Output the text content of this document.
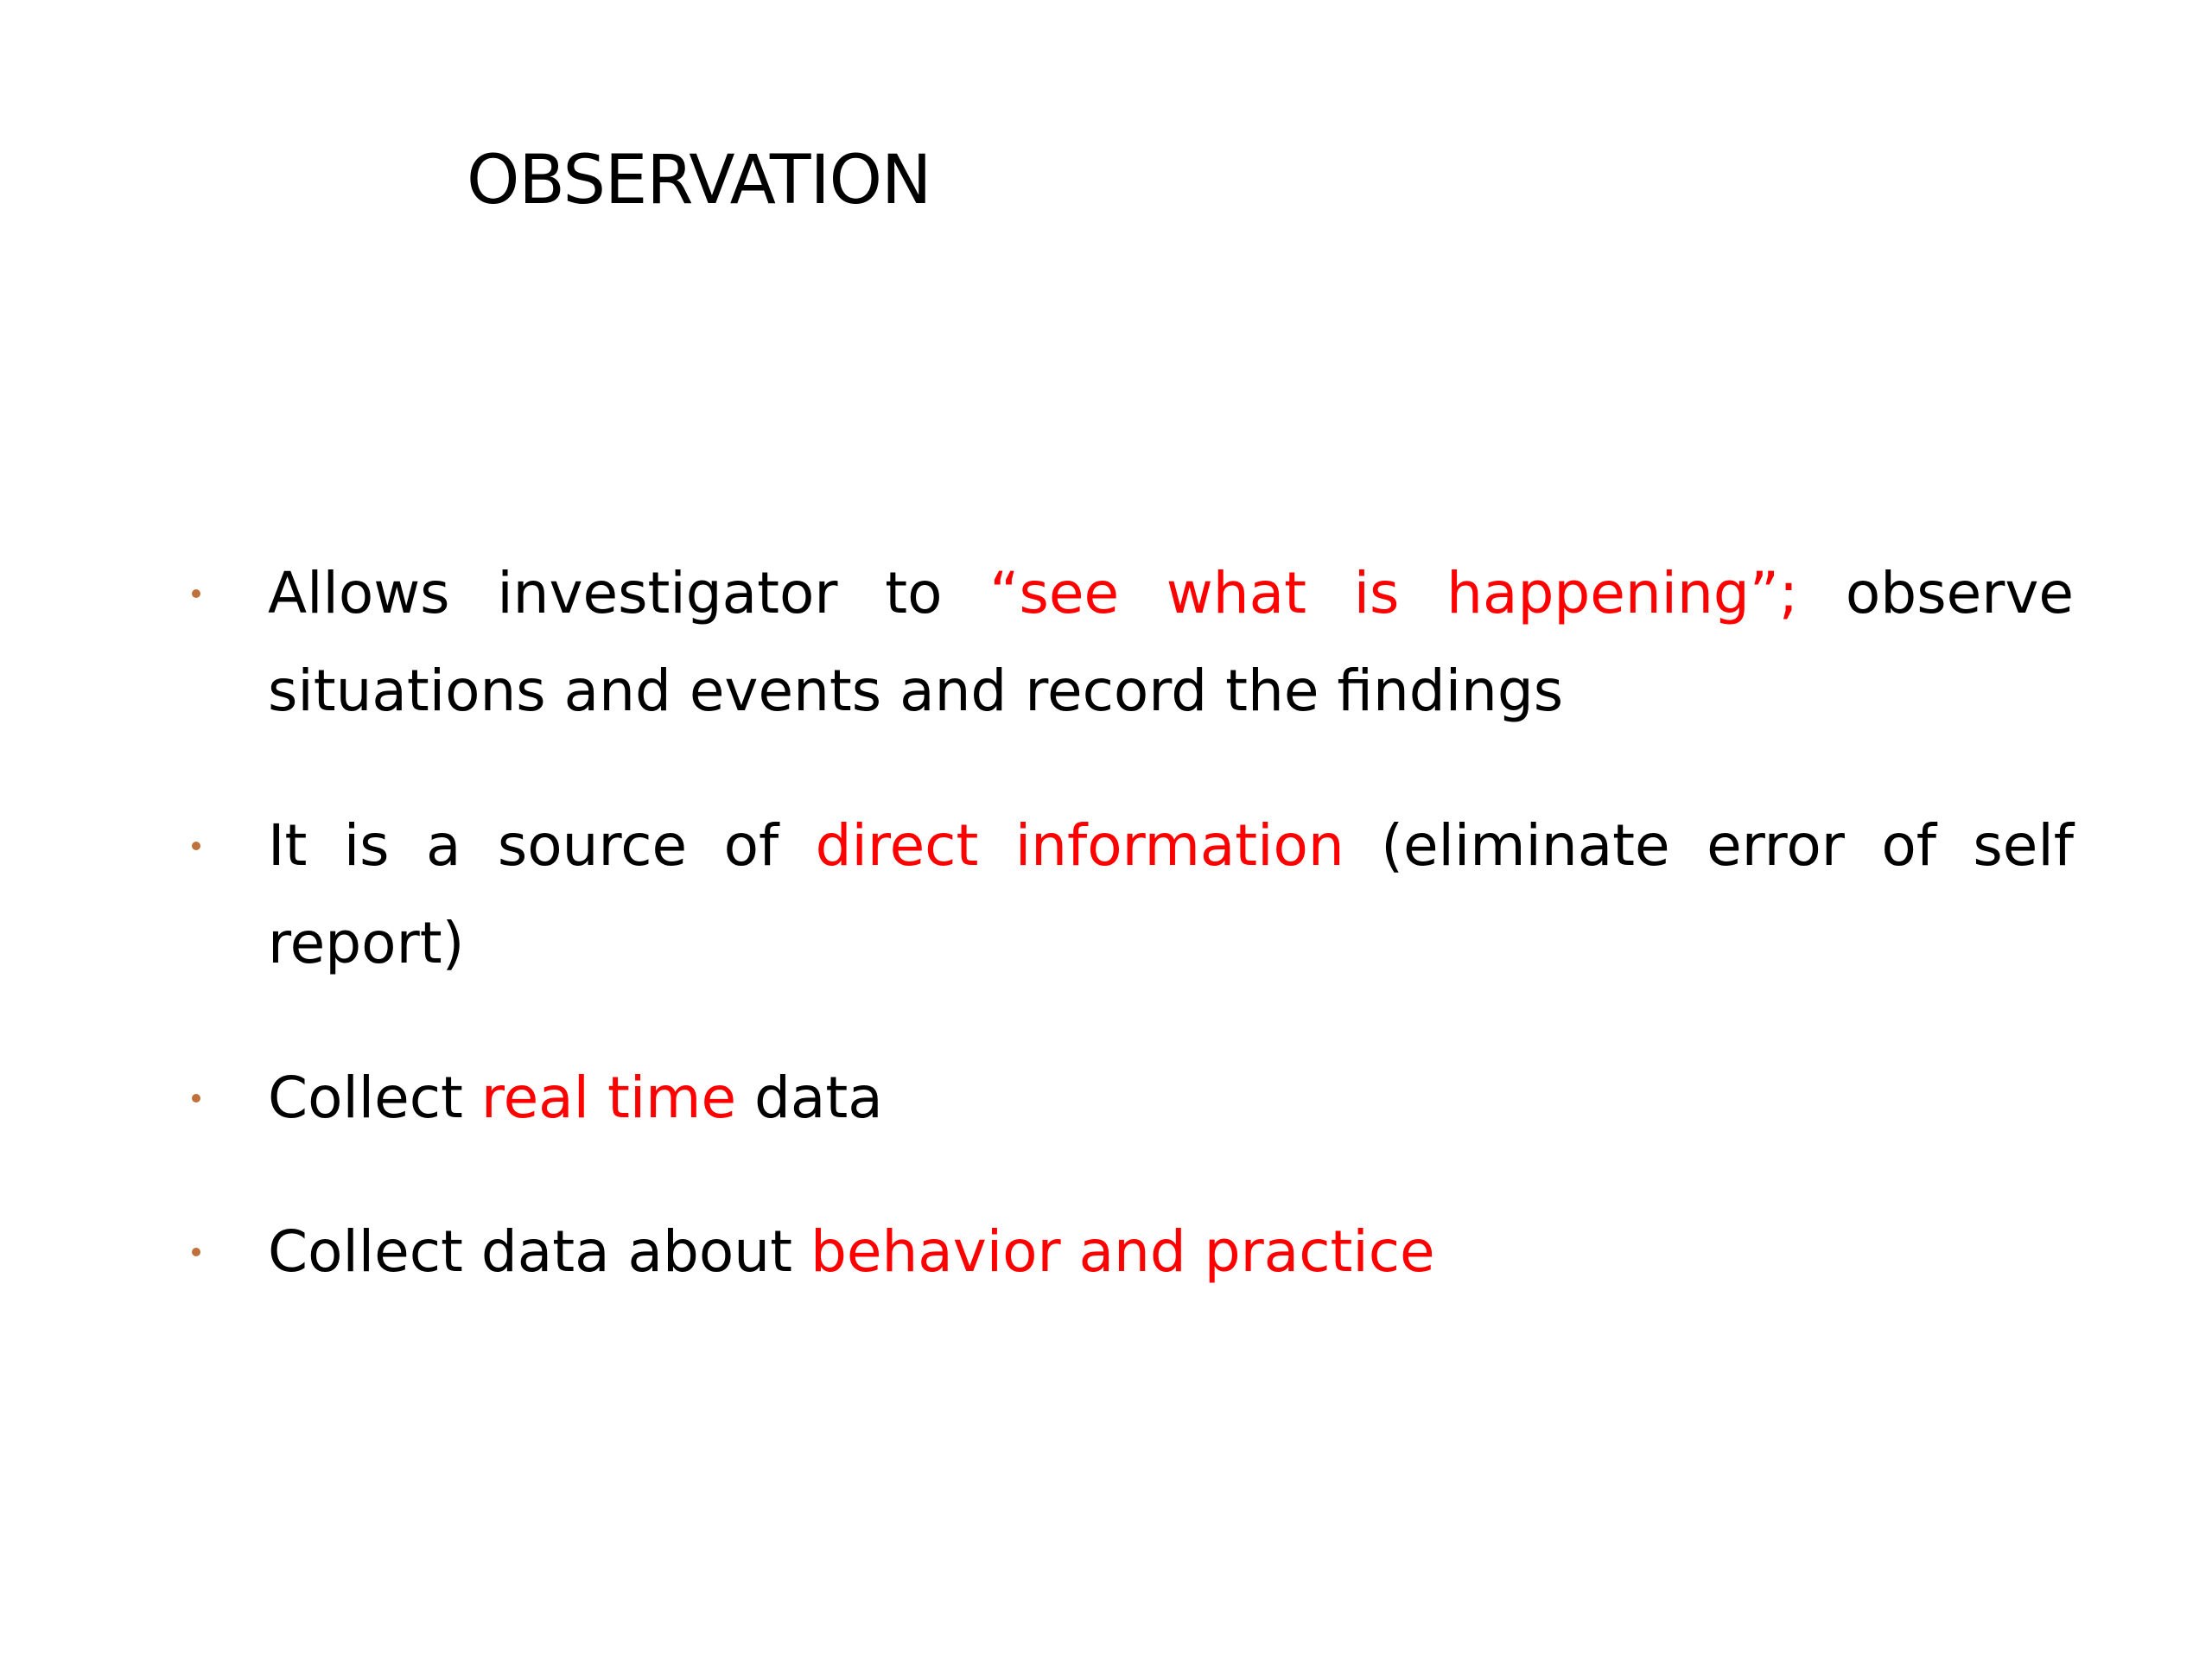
OBSERVATION
Allows investigator to “see what is happening”; observe situations and events and record the findings
It is a source of direct information (eliminate error of self report)
Collect real time data
Collect data about behavior and practice
